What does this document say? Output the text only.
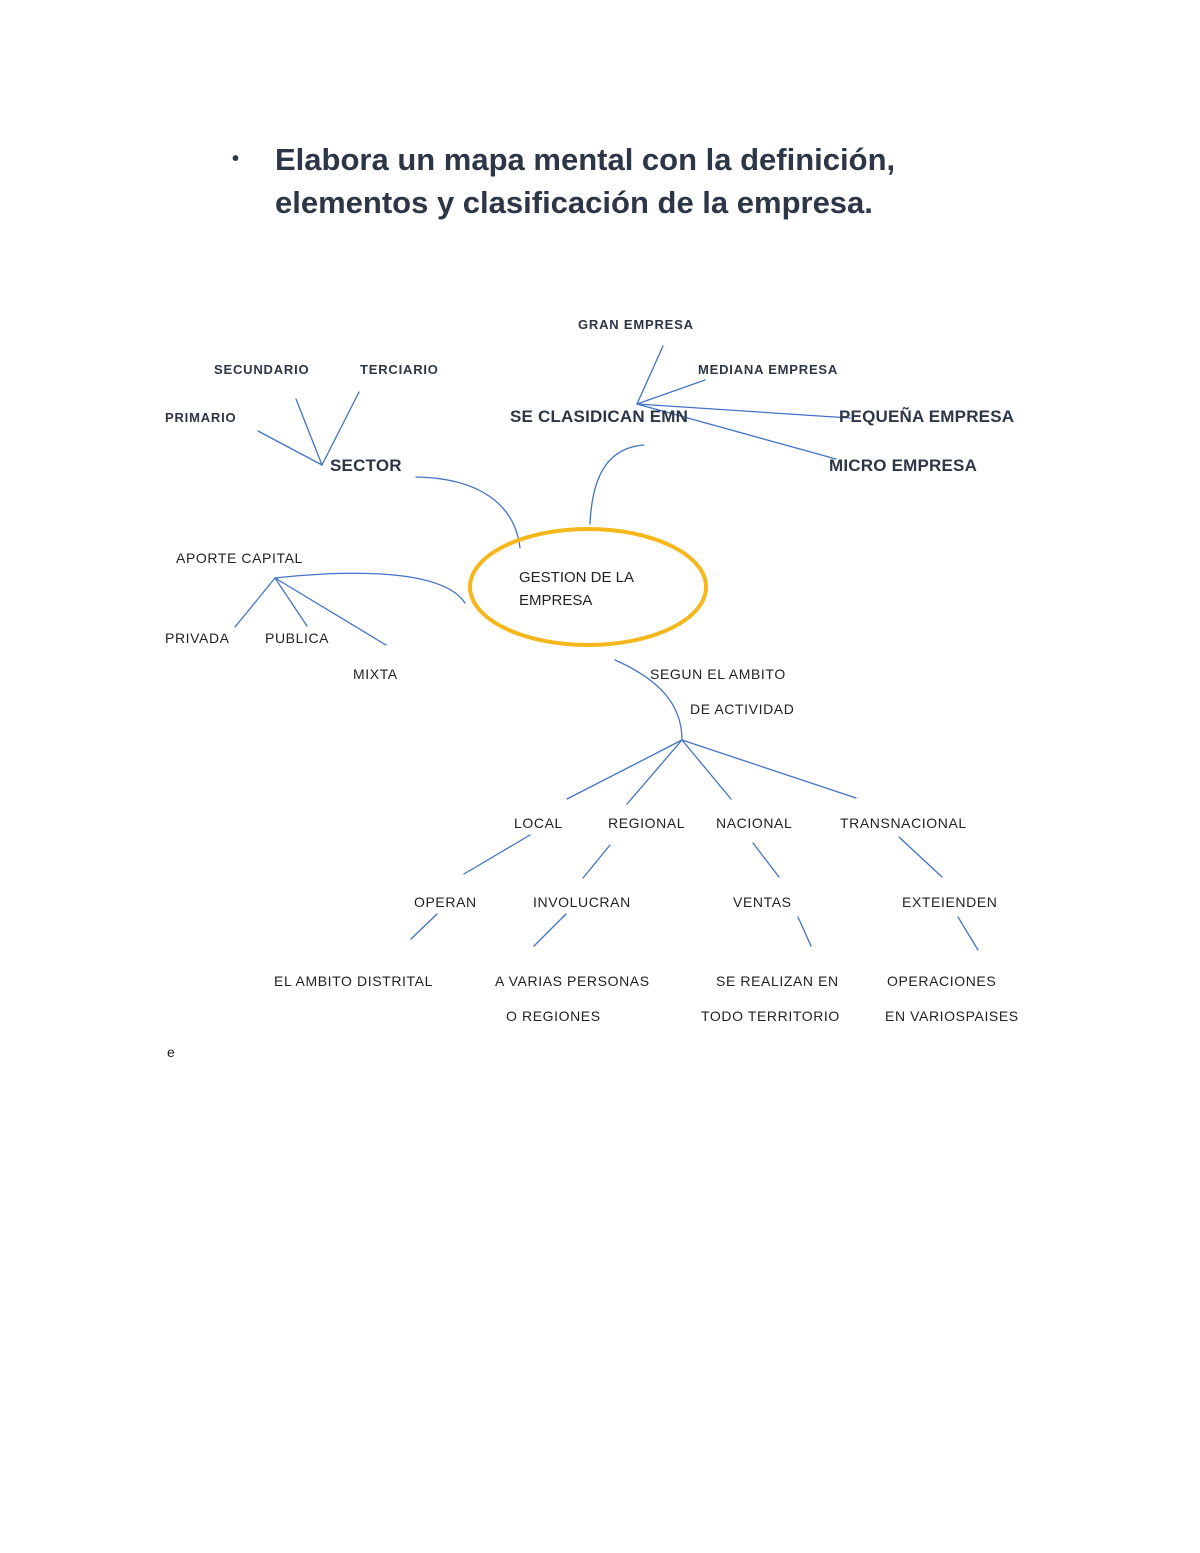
• Elabora un mapa mental con la definición,
elementos y clasificación de la empresa.
GESTION DE LA
EMPRESA
SECTOR
PRIMARIO
SECUNDARIO	TERCIARIO
SE CLASIDICAN EMN
GRAN EMPRESA
MEDIANA EMPRESA
PEQUEÑA EMPRESA
MICRO EMPRESA
APORTE CAPITAL
PRIVADA	PUBLICA
MIXTA	SEGUN EL AMBITO
DE ACTIVIDAD
LOCAL	REGIONAL NACIONAL	TRANSNACIONAL
OPERAN	INVOLUCRAN	VENTAS	EXTEIENDEN
EL AMBITO DISTRITAL	A VARIAS PERSONAS
O REGIONES
SE REALIZAN EN
TODO TERRITORIO
OPERACIONES
EN VARIOSPAISES
e
